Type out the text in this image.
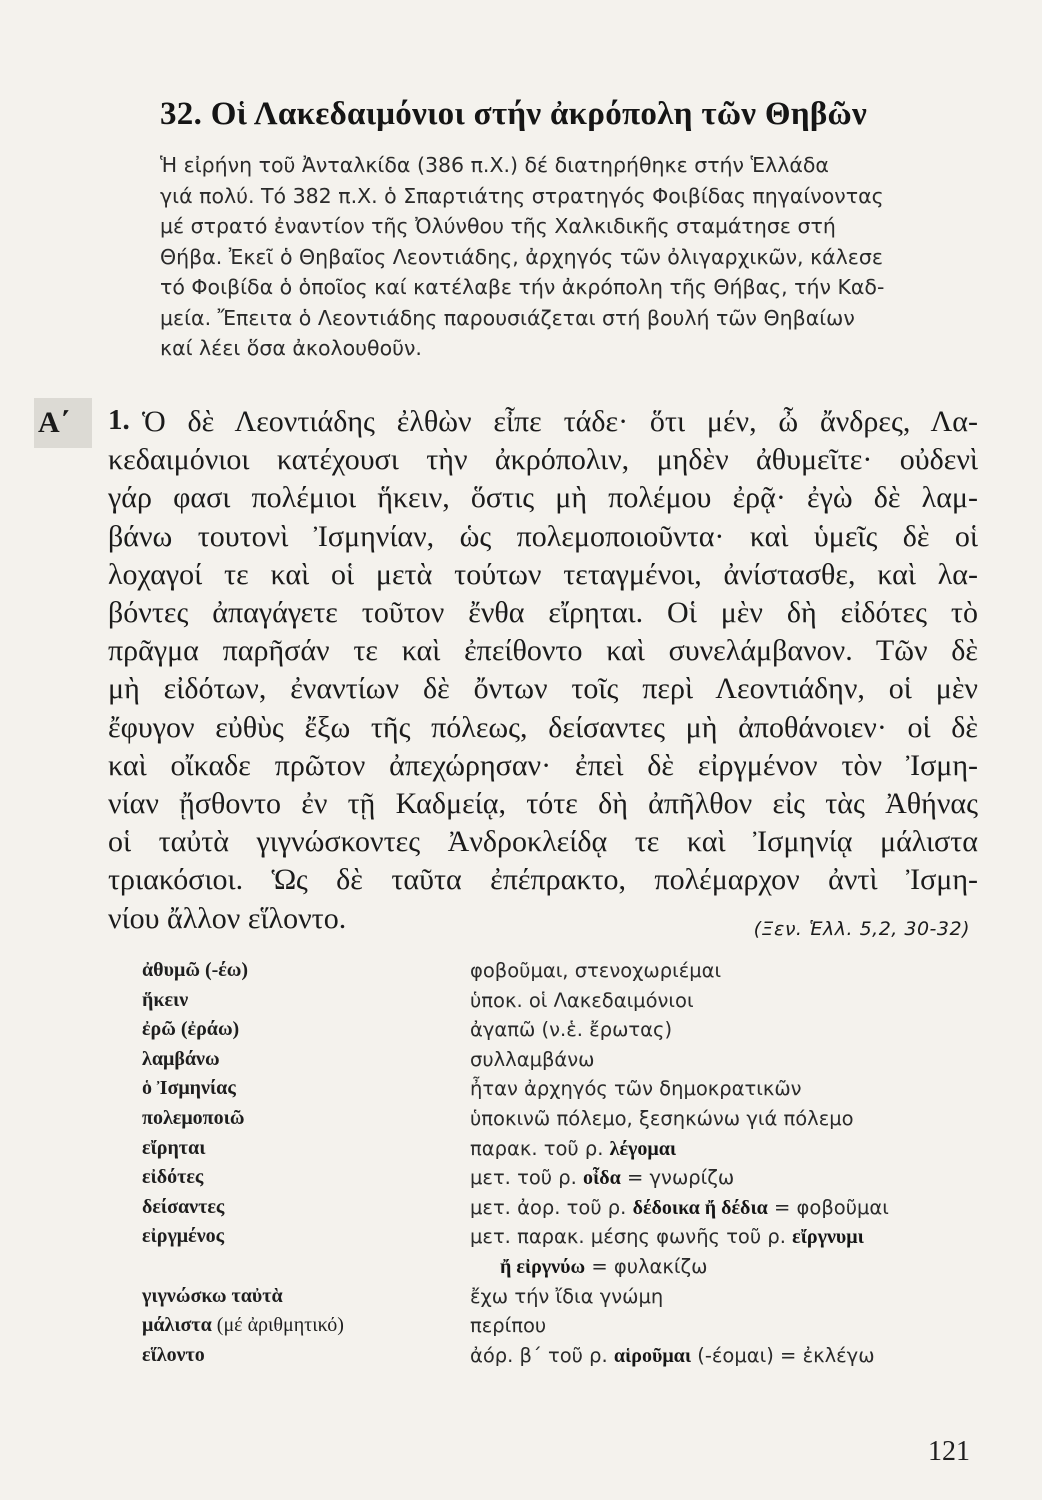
32. Οἱ Λακεδαιμόνιοι στήν ἀκρόπολη τῶν Θηβῶν
Ἡ εἰρήνη τοῦ Ἀνταλκίδα (386 π.Χ.) δέ διατηρήθηκε στήν Ἑλλάδα
γιά πολύ. Τό 382 π.Χ. ὁ Σπαρτιάτης στρατηγός Φοιβίδας πηγαίνοντας
μέ στρατό ἐναντίον τῆς Ὀλύνθου τῆς Χαλκιδικῆς σταμάτησε στή
Θήβα. Ἐκεῖ ὁ Θηβαῖος Λεοντιάδης, ἀρχηγός τῶν ὀλιγαρχικῶν, κάλεσε
τό Φοιβίδα ὁ ὁποῖος καί κατέλαβε τήν ἀκρόπολη τῆς Θήβας, τήν Καδ-
μεία. Ἔπειτα ὁ Λεοντιάδης παρουσιάζεται στή βουλή τῶν Θηβαίων
καί λέει ὅσα ἀκολουθοῦν.
Α΄	1. Ὁ δὲ Λεοντιάδης ἐλθὼν εἶπε τάδε· ὅτι μέν, ὦ ἄνδρες, Λα-
κεδαιμόνιοι κατέχουσι τὴν ἀκρόπολιν, μηδὲν ἀθυμεῖτε· οὐδενὶ
γάρ φασι πολέμιοι ἥκειν, ὅστις μὴ πολέμου ἐρᾷ· ἐγὼ δὲ λαμ-
βάνω τουτονὶ Ἰσμηνίαν, ὡς πολεμοποιοῦντα· καὶ ὑμεῖς δὲ οἱ
λοχαγοί τε καὶ οἱ μετὰ τούτων τεταγμένοι, ἀνίστασθε, καὶ λα-
βόντες ἀπαγάγετε τοῦτον ἔνθα εἴρηται. Οἱ μὲν δὴ εἰδότες τὸ
πρᾶγμα παρῆσάν τε καὶ ἐπείθοντο καὶ συνελάμβανον. Τῶν δὲ
μὴ εἰδότων, ἐναντίων δὲ ὄντων τοῖς περὶ Λεοντιάδην, οἱ μὲν
ἔφυγον εὐθὺς ἔξω τῆς πόλεως, δείσαντες μὴ ἀποθάνοιεν· οἱ δὲ
καὶ οἴκαδε πρῶτον ἀπεχώρησαν· ἐπεὶ δὲ εἰργμένον τὸν Ἰσμη-
νίαν ᾔσθοντο ἐν τῇ Καδμείᾳ, τότε δὴ ἀπῆλθον εἰς τὰς Ἀθήνας
οἱ ταὐτὰ γιγνώσκοντες Ἀνδροκλείδᾳ τε καὶ Ἰσμηνίᾳ μάλιστα
τριακόσιοι. Ὡς δὲ ταῦτα ἐπέπρακτο, πολέμαρχον ἀντὶ Ἰσμη-
νίου ἄλλον εἵλοντο.	(Ξεν. Ἑλλ. 5,2, 30-32)
ἀθυμῶ (-έω)	φοβοῦμαι, στενοχωριέμαι
ἥκειν	ὑποκ. οἱ Λακεδαιμόνιοι
ἐρῶ (ἐράω)	ἀγαπῶ (ν.ἑ. ἔρωτας)
λαμβάνω	συλλαμβάνω
ὁ Ἰσμηνίας	ἦταν ἀρχηγός τῶν δημοκρατικῶν
πολεμοποιῶ	ὑποκινῶ πόλεμο, ξεσηκώνω γιά πόλεμο
εἴρηται	παρακ. τοῦ ρ. λέγομαι
εἰδότες	μετ. τοῦ ρ. οἶδα = γνωρίζω
δείσαντες	μετ. ἀορ. τοῦ ρ. δέδοικα ἤ δέδια = φοβοῦμαι
εἰργμένος	μετ. παρακ. μέσης φωνῆς τοῦ ρ. εἴργνυμι
ἤ εἰργνύω = φυλακίζω
γιγνώσκω ταὐτὰ	ἔχω τήν ἴδια γνώμη
μάλιστα (μέ ἀριθμητικό)	περίπου
εἵλοντο	ἀόρ. β΄ τοῦ ρ. αἱροῦμαι (-έομαι) = ἐκλέγω
121
